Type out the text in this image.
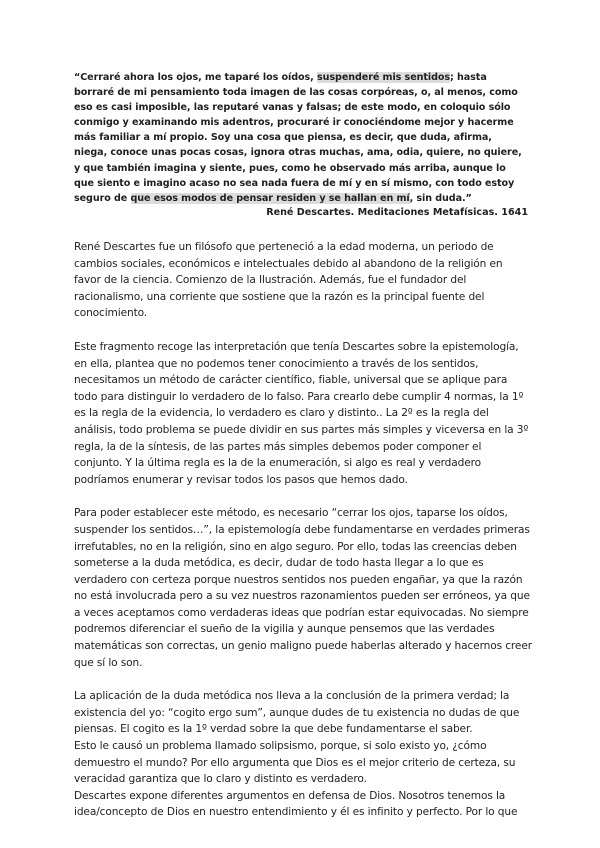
“Cerraré ahora los ojos, me taparé los oídos, suspenderé mis sentidos; hasta borraré de mi pensamiento toda imagen de las cosas corpóreas, o, al menos, como eso es casi imposible, las reputaré vanas y falsas; de este modo, en coloquio sólo conmigo y examinando mis adentros, procuraré ir conociéndome mejor y hacerme más familiar a mí propio. Soy una cosa que piensa, es decir, que duda, afirma, niega, conoce unas pocas cosas, ignora otras muchas, ama, odia, quiere, no quiere, y que también imagina y siente, pues, como he observado más arriba, aunque lo que siento e imagino acaso no sea nada fuera de mí y en sí mismo, con todo estoy seguro de que esos modos de pensar residen y se hallan en mí, sin duda.”
René Descartes. Meditaciones Metafísicas. 1641

René Descartes fue un filósofo que perteneció a la edad moderna, un periodo de cambios sociales, económicos e intelectuales debido al abandono de la religión en favor de la ciencia. Comienzo de la Ilustración. Además, fue el fundador del racionalismo, una corriente que sostiene que la razón es la principal fuente del conocimiento.

Este fragmento recoge las interpretación que tenía Descartes sobre la epistemología, en ella, plantea que no podemos tener conocimiento a través de los sentidos, necesitamos un método de carácter científico, fiable, universal que se aplique para todo para distinguir lo verdadero de lo falso. Para crearlo debe cumplir 4 normas, la 1º es la regla de la evidencia, lo verdadero es claro y distinto.. La 2º es la regla del análisis, todo problema se puede dividir en sus partes más simples y viceversa en la 3º regla, la de la síntesis, de las partes más simples debemos poder componer el conjunto. Y la última regla es la de la enumeración, si algo es real y verdadero podríamos enumerar y revisar todos los pasos que hemos dado.

Para poder establecer este método, es necesario “cerrar los ojos, taparse los oídos, suspender los sentidos…”, la epistemología debe fundamentarse en verdades primeras irrefutables, no en la religión, sino en algo seguro. Por ello, todas las creencias deben someterse a la duda metódica, es decir, dudar de todo hasta llegar a lo que es verdadero con certeza porque nuestros sentidos nos pueden engañar, ya que la razón no está involucrada pero a su vez nuestros razonamientos pueden ser erróneos, ya que a veces aceptamos como verdaderas ideas que podrían estar equivocadas. No siempre podremos diferenciar el sueño de la vigilia y aunque pensemos que las verdades matemáticas son correctas, un genio maligno puede haberlas alterado y hacernos creer que sí lo son.

La aplicación de la duda metódica nos lleva a la conclusión de la primera verdad; la existencia del yo: “cogito ergo sum”, aunque dudes de tu existencia no dudas de que piensas. El cogito es la 1º verdad sobre la que debe fundamentarse el saber.

Esto le causó un problema llamado solipsismo, porque, si solo existo yo, ¿cómo demuestro el mundo? Por ello argumenta que Dios es el mejor criterio de certeza, su veracidad garantiza que lo claro y distinto es verdadero.

Descartes expone diferentes argumentos en defensa de Dios. Nosotros tenemos la idea/concepto de Dios en nuestro entendimiento y él es infinito y perfecto. Por lo que
